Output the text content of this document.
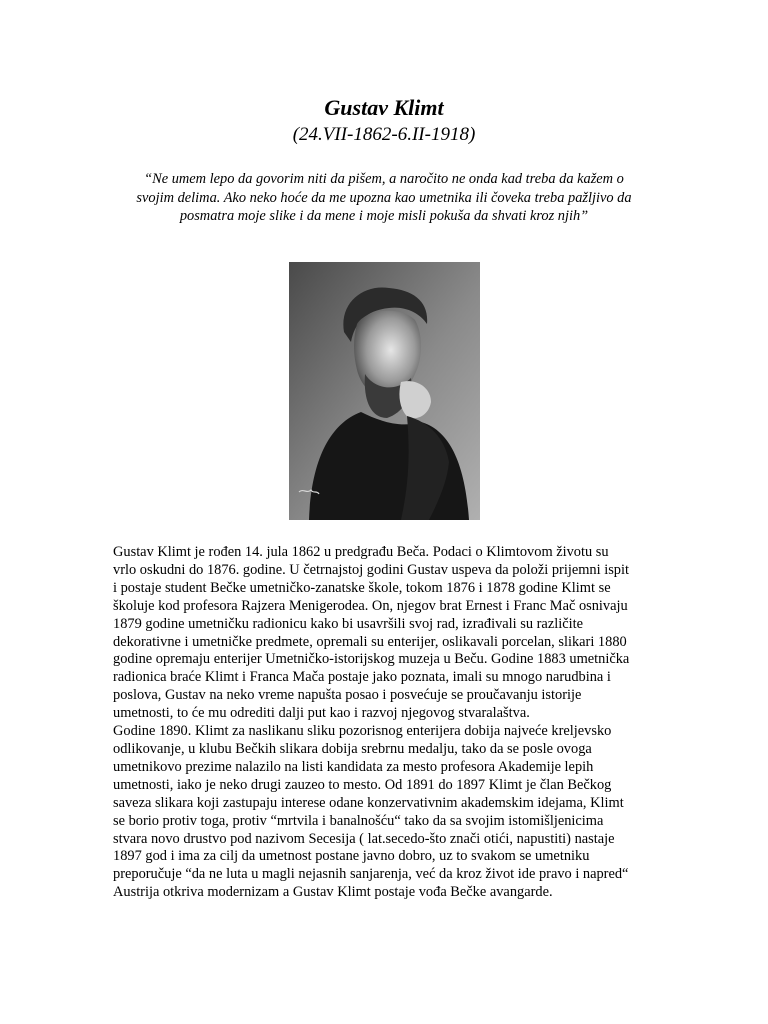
Gustav Klimt
(24.VII-1862-6.II-1918)
“Ne umem lepo da govorim niti da pišem, a naročito ne onda kad treba da kažem o
svojim delima. Ako neko hoće da me upozna kao umetnika ili čoveka treba pažljivo da
posmatra moje slike i da mene i moje misli pokuša da shvati kroz njih”
Gustav Klimt je rođen 14. jula 1862 u predgrađu Beča. Podaci o Klimtovom životu su
vrlo oskudni do 1876. godine. U četrnajstoj godini Gustav uspeva da položi prijemni ispit
i postaje student Bečke umetničko-zanatske škole, tokom 1876 i 1878 godine Klimt se
školuje kod profesora Rajzera Menigerodea. On, njegov brat Ernest i Franc Mač osnivaju
1879 godine umetničku radionicu kako bi usavršili svoj rad, izrađivali su različite
dekorativne i umetničke predmete, opremali su enterijer, oslikavali porcelan, slikari 1880
godine opremaju enterijer Umetničko-istorijskog muzeja u Beču. Godine 1883 umetnička
radionica braće Klimt i Franca Mača postaje jako poznata, imali su mnogo narudbina i
poslova, Gustav na neko vreme napušta posao i posvećuje se proučavanju istorije
umetnosti, to će mu odrediti dalji put kao i razvoj njegovog stvaralaštva.
Godine 1890. Klimt za naslikanu sliku pozorisnog enterijera dobija najveće kreljevsko
odlikovanje, u klubu Bečkih slikara dobija srebrnu medalju, tako da se posle ovoga
umetnikovo prezime nalazilo na listi kandidata za mesto profesora Akademije lepih
umetnosti, iako je neko drugi zauzeo to mesto. Od 1891 do 1897 Klimt je član Bečkog
saveza slikara koji zastupaju interese odane konzervativnim akademskim idejama, Klimt
se borio protiv toga, protiv “mrtvila i banalnošću“ tako da sa svojim istomišljenicima
stvara novo drustvo pod nazivom Secesija ( lat.secedo-što znači otići, napustiti) nastaje
1897 god i ima za cilj da umetnost postane javno dobro, uz to svakom se umetniku
preporučuje “da ne luta u magli nejasnih sanjarenja, već da kroz život ide pravo i napred“
Austrija otkriva modernizam a Gustav Klimt postaje vođa Bečke avangarde.
